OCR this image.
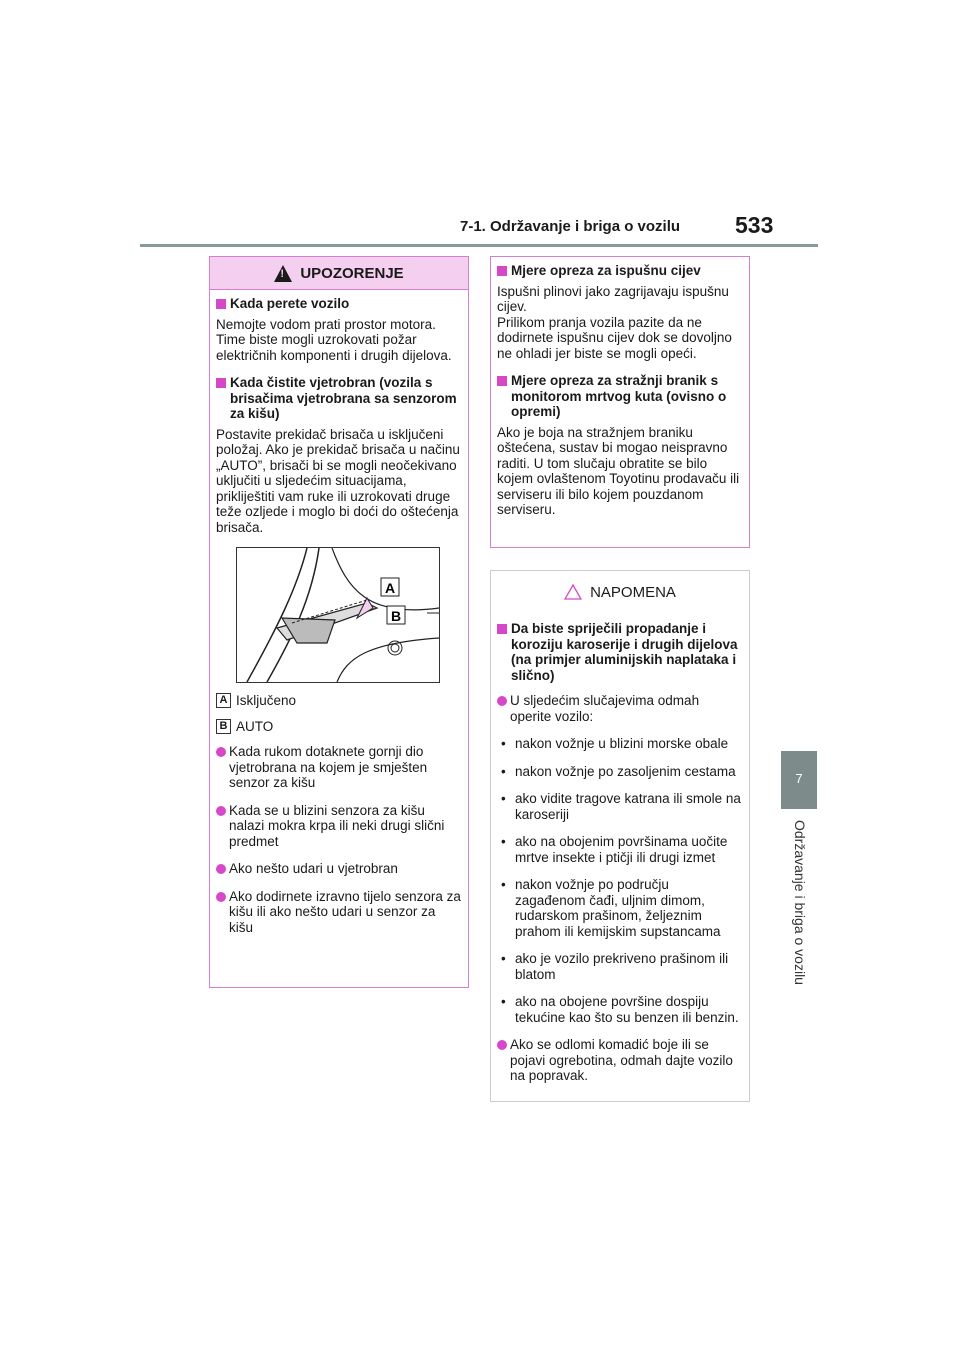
7-1. Održavanje i briga o vozilu 533
7
Održavanje i briga o vozilu
!
UPOZORENJE
Kada perete vozilo
Nemojte vodom prati prostor motora. Time biste mogli uzrokovati požar električnih komponenti i drugih dijelova.
Kada čistite vjetrobran (vozila s brisačima vjetrobrana sa senzorom za kišu)
Postavite prekidač brisača u isključeni položaj. Ako je prekidač brisača u načinu „AUTO”, brisači bi se mogli neočekivano uključiti u sljedećim situacijama, prikliještiti vam ruke ili uzrokovati druge teže ozljede i moglo bi doći do oštećenja brisača.
A
B
A Isključeno
B AUTO
Kada rukom dotaknete gornji dio vjetrobrana na kojem je smješten senzor za kišu
Kada se u blizini senzora za kišu nalazi mokra krpa ili neki drugi slični predmet
Ako nešto udari u vjetrobran
Ako dodirnete izravno tijelo senzora za kišu ili ako nešto udari u senzor za kišu
Mjere opreza za ispušnu cijev
Ispušni plinovi jako zagrijavaju ispušnu cijev.
Prilikom pranja vozila pazite da ne dodirnete ispušnu cijev dok se dovoljno ne ohladi jer biste se mogli opeći.
Mjere opreza za stražnji branik s monitorom mrtvog kuta (ovisno o opremi)
Ako je boja na stražnjem braniku oštećena, sustav bi mogao neispravno raditi. U tom slučaju obratite se bilo kojem ovlaštenom Toyotinu prodavaču ili serviseru ili bilo kojem pouzdanom serviseru.
NAPOMENA
Da biste spriječili propadanje i koroziju karoserije i drugih dijelova (na primjer aluminijskih naplataka i slično)
U sljedećim slučajevima odmah operite vozilo:
• nakon vožnje u blizini morske obale
• nakon vožnje po zasoljenim cestama
• ako vidite tragove katrana ili smole na karoseriji
• ako na obojenim površinama uočite mrtve insekte i ptičji ili drugi izmet
• nakon vožnje po području zagađenom čađi, uljnim dimom, rudarskom prašinom, željeznim prahom ili kemijskim supstancama
• ako je vozilo prekriveno prašinom ili blatom
• ako na obojene površine dospiju tekućine kao što su benzen ili benzin.
Ako se odlomi komadić boje ili se pojavi ogrebotina, odmah dajte vozilo na popravak.
